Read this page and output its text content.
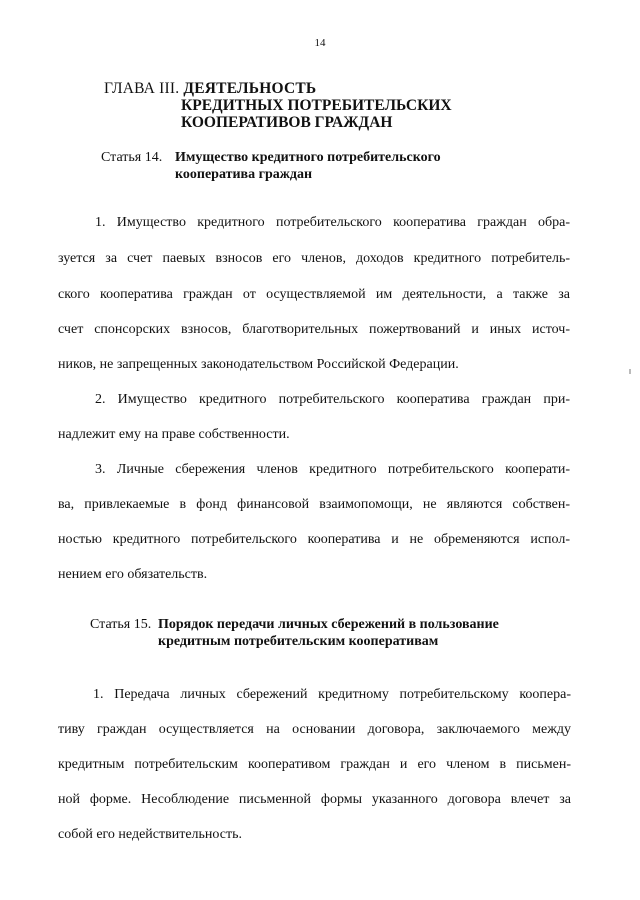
14
ГЛАВА III. ДЕЯТЕЛЬНОСТЬ
КРЕДИТНЫХ ПОТРЕБИТЕЛЬСКИХ
КООПЕРАТИВОВ ГРАЖДАН
Статья 14. Имущество кредитного потребительского
кооператива граждан
1. Имущество кредитного потребительского кооператива граждан обра-
зуется за счет паевых взносов его членов, доходов кредитного потребитель-
ского кооператива граждан от осуществляемой им деятельности, а также за
счет спонсорских взносов, благотворительных пожертвований и иных источ-
ников, не запрещенных законодательством Российской Федерации.
2. Имущество кредитного потребительского кооператива граждан при-
надлежит ему на праве собственности.
3. Личные сбережения членов кредитного потребительского кооперати-
ва, привлекаемые в фонд финансовой взаимопомощи, не являются собствен-
ностью кредитного потребительского кооператива и не обременяются испол-
нением его обязательств.
Статья 15. Порядок передачи личных сбережений в пользование
кредитным потребительским кооперативам
1. Передача личных сбережений кредитному потребительскому коопера-
тиву граждан осуществляется на основании договора, заключаемого между
кредитным потребительским кооперативом граждан и его членом в письмен-
ной форме. Несоблюдение письменной формы указанного договора влечет за
собой его недействительность.
